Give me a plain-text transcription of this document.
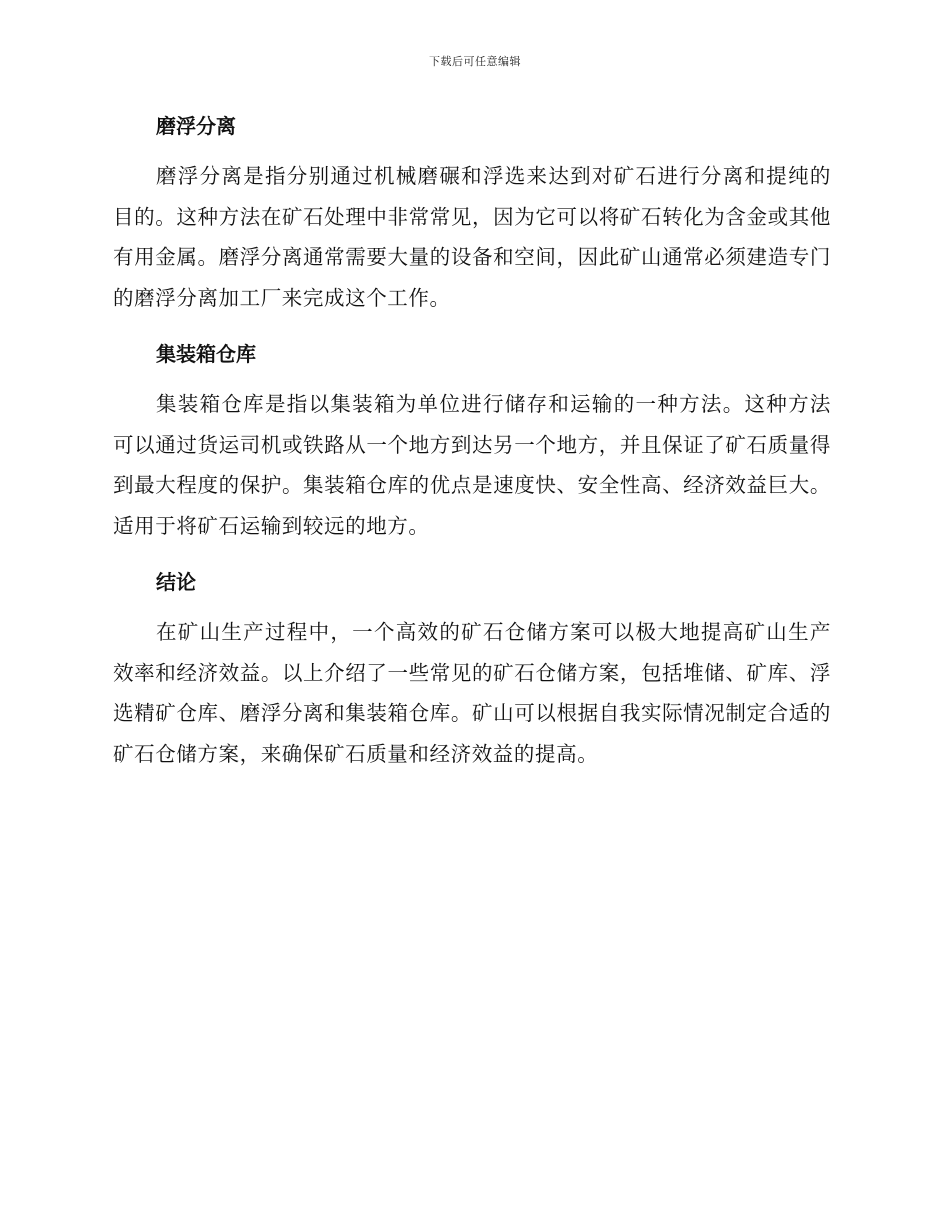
下载后可任意编辑
磨浮分离

磨浮分离是指分别通过机械磨碾和浮选来达到对矿石进行分离和提纯的目的。这种方法在矿石处理中非常常见，因为它可以将矿石转化为含金或其他有用金属。磨浮分离通常需要大量的设备和空间，因此矿山通常必须建造专门的磨浮分离加工厂来完成这个工作。

集装箱仓库

集装箱仓库是指以集装箱为单位进行储存和运输的一种方法。这种方法可以通过货运司机或铁路从一个地方到达另一个地方，并且保证了矿石质量得到最大程度的保护。集装箱仓库的优点是速度快、安全性高、经济效益巨大。适用于将矿石运输到较远的地方。

结论

在矿山生产过程中，一个高效的矿石仓储方案可以极大地提高矿山生产效率和经济效益。以上介绍了一些常见的矿石仓储方案，包括堆储、矿库、浮选精矿仓库、磨浮分离和集装箱仓库。矿山可以根据自我实际情况制定合适的矿石仓储方案，来确保矿石质量和经济效益的提高。
